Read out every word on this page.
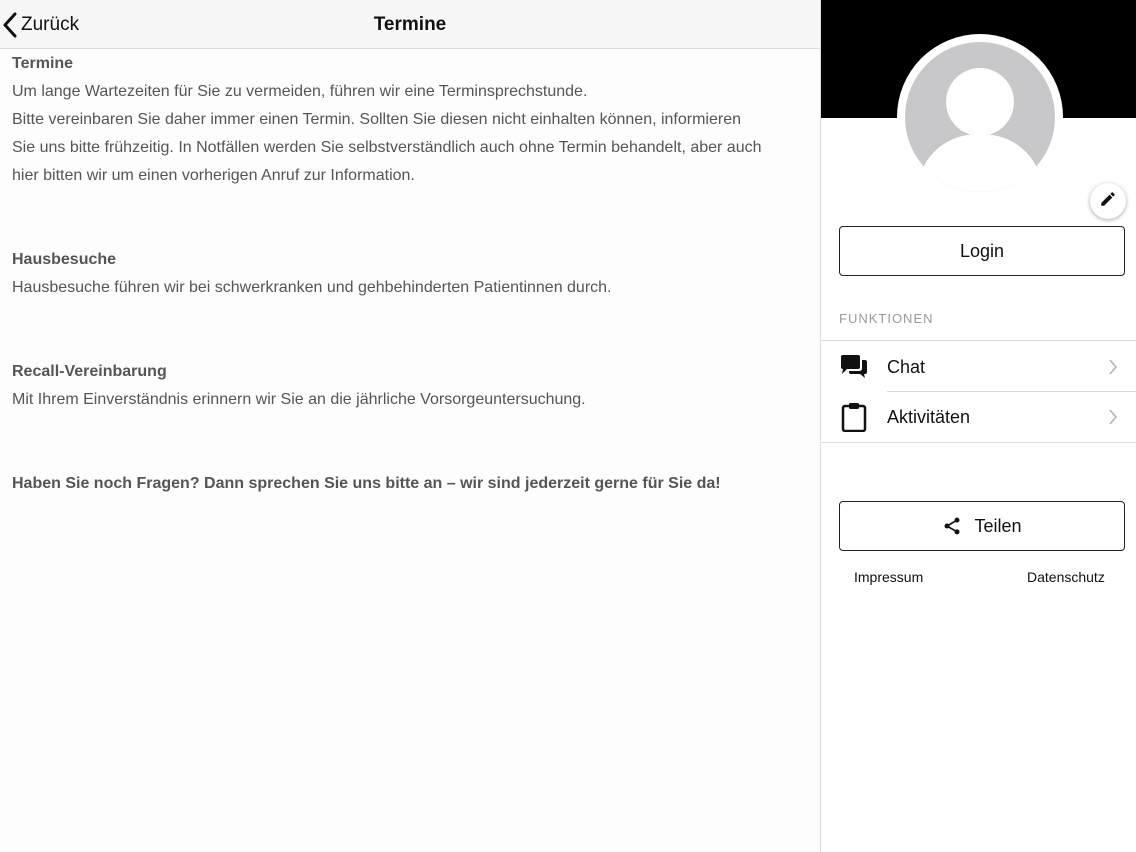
Zurück	Termine
Termine
Um lange Wartezeiten für Sie zu vermeiden, führen wir eine Terminsprechstunde.
Bitte vereinbaren Sie daher immer einen Termin. Sollten Sie diesen nicht einhalten können, informieren
Sie uns bitte frühzeitig. In Notfällen werden Sie selbstverständlich auch ohne Termin behandelt, aber auch
hier bitten wir um einen vorherigen Anruf zur Information.
Hausbesuche
Hausbesuche führen wir bei schwerkranken und gehbehinderten Patientinnen durch.
Recall-Vereinbarung
Mit Ihrem Einverständnis erinnern wir Sie an die jährliche Vorsorgeuntersuchung.
Haben Sie noch Fragen? Dann sprechen Sie uns bitte an – wir sind jederzeit gerne für Sie da!
Login
FUNKTIONEN
Chat
Aktivitäten
Teilen
Impressum	Datenschutz
